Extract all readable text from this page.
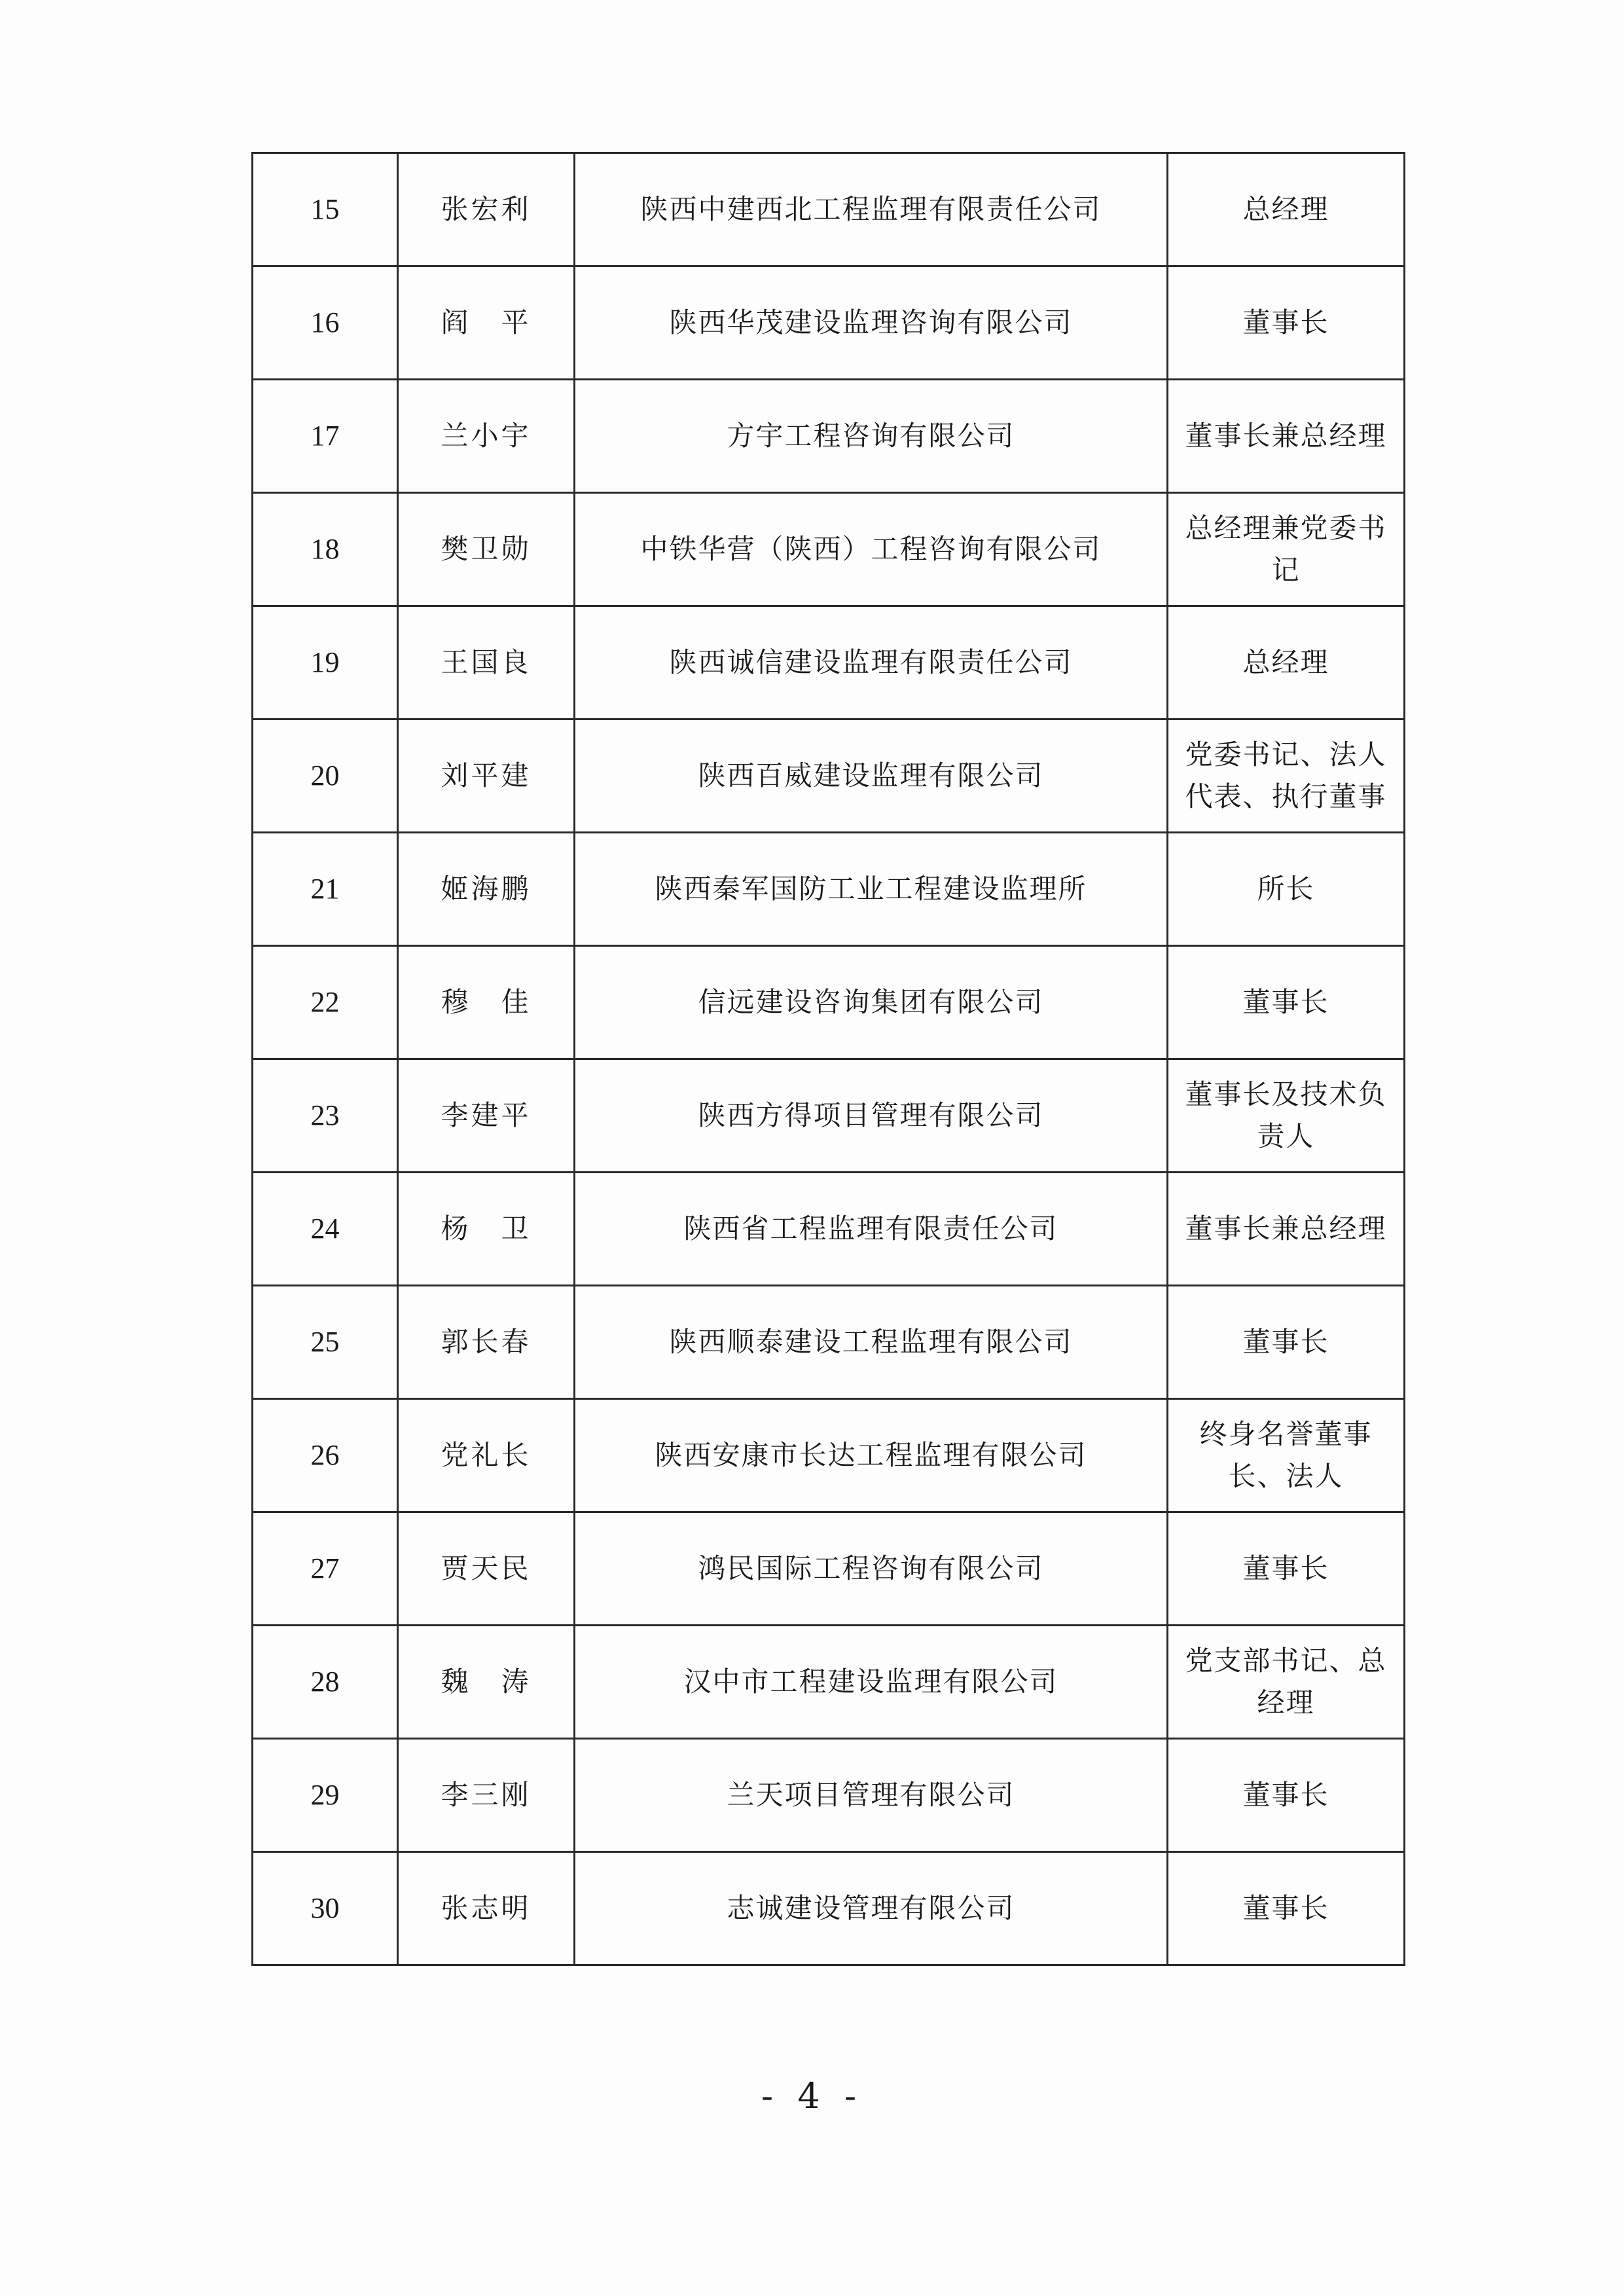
15	张宏利	陕西中建西北工程监理有限责任公司	总经理
16	阎　平	陕西华茂建设监理咨询有限公司	董事长
17	兰小宇	方宇工程咨询有限公司	董事长兼总经理
18	樊卫勋	中铁华营（陕西）工程咨询有限公司	总经理兼党委书记
19	王国良	陕西诚信建设监理有限责任公司	总经理
20	刘平建	陕西百威建设监理有限公司	党委书记、法人代表、执行董事
21	姬海鹏	陕西秦军国防工业工程建设监理所	所长
22	穆　佳	信远建设咨询集团有限公司	董事长
23	李建平	陕西方得项目管理有限公司	董事长及技术负责人
24	杨　卫	陕西省工程监理有限责任公司	董事长兼总经理
25	郭长春	陕西顺泰建设工程监理有限公司	董事长
26	党礼长	陕西安康市长达工程监理有限公司	终身名誉董事长、法人
27	贾天民	鸿民国际工程咨询有限公司	董事长
28	魏　涛	汉中市工程建设监理有限公司	党支部书记、总经理
29	李三刚	兰天项目管理有限公司	董事长
30	张志明	志诚建设管理有限公司	董事长
- 4 -
